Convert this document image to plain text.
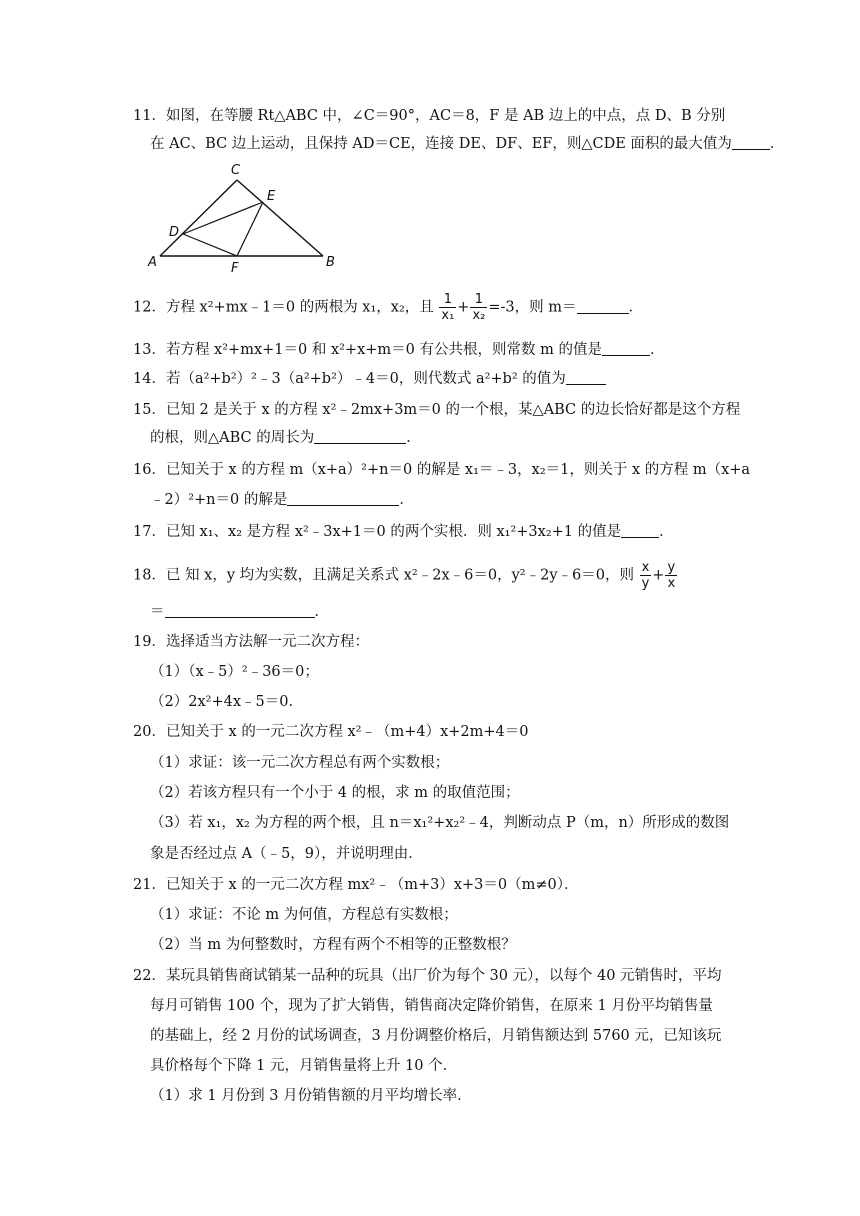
11．如图，在等腰 Rt△ABC 中，∠C＝90°，AC＝8，F 是 AB 边上的中点，点 D、B 分别
在 AC、BC 边上运动，且保持 AD＝CE，连接 DE、DF、EF，则△CDE 面积的最大值为	．
C
E
D
A	F	B
12．方程 x²+mx﹣1＝0 的两根为 x₁，x₂，且 $\frac{1}{\text{x₁}} + \frac{1}{\text{x₂}} =-3$，则 m＝	．
13．若方程 x²+mx+1＝0 和 x²+x+m＝0 有公共根，则常数 m 的值是	．
14．若（a²+b²）²﹣3（a²+b²）﹣4＝0，则代数式 a²+b² 的值为
15．已知 2 是关于 x 的方程 x²﹣2mx+3m＝0 的一个根，某△ABC 的边长恰好都是这个方程
的根，则△ABC 的周长为	．
16．已知关于 x 的方程 m（x+a）²+n＝0 的解是 x₁＝﹣3，x₂＝1，则关于 x 的方程 m（x+a
﹣2）²+n＝0 的解是	．
17．已知 x₁、x₂ 是方程 x²﹣3x+1＝0 的两个实根．则 x₁²+3x₂+1 的值是	．
18．已 知 x，y 均为实数，且满足关系式 x²﹣2x﹣6＝0，y²﹣2y﹣6＝0，则 $\frac{x}{y} + \frac{y}{x}$
＝	．
19．选择适当方法解一元二次方程：
（1）（x﹣5）²﹣36＝0；
（2）2x²+4x﹣5＝0．
20．已知关于 x 的一元二次方程 x²﹣（m+4）x+2m+4＝0
（1）求证：该一元二次方程总有两个实数根；
（2）若该方程只有一个小于 4 的根，求 m 的取值范围；
（3）若 x₁，x₂ 为方程的两个根，且 n＝x₁²+x₂²﹣4，判断动点 P（m，n）所形成的数图
象是否经过点 A（﹣5，9），并说明理由．
21．已知关于 x 的一元二次方程 mx²﹣（m+3）x+3＝0（m≠0）．
（1）求证：不论 m 为何值，方程总有实数根；
（2）当 m 为何整数时，方程有两个不相等的正整数根？
22．某玩具销售商试销某一品种的玩具（出厂价为每个 30 元），以每个 40 元销售时，平均
每月可销售 100 个，现为了扩大销售，销售商决定降价销售，在原来 1 月份平均销售量
的基础上，经 2 月份的试场调查，3 月份调整价格后，月销售额达到 5760 元，已知该玩
具价格每个下降 1 元，月销售量将上升 10 个．
（1）求 1 月份到 3 月份销售额的月平均增长率．
